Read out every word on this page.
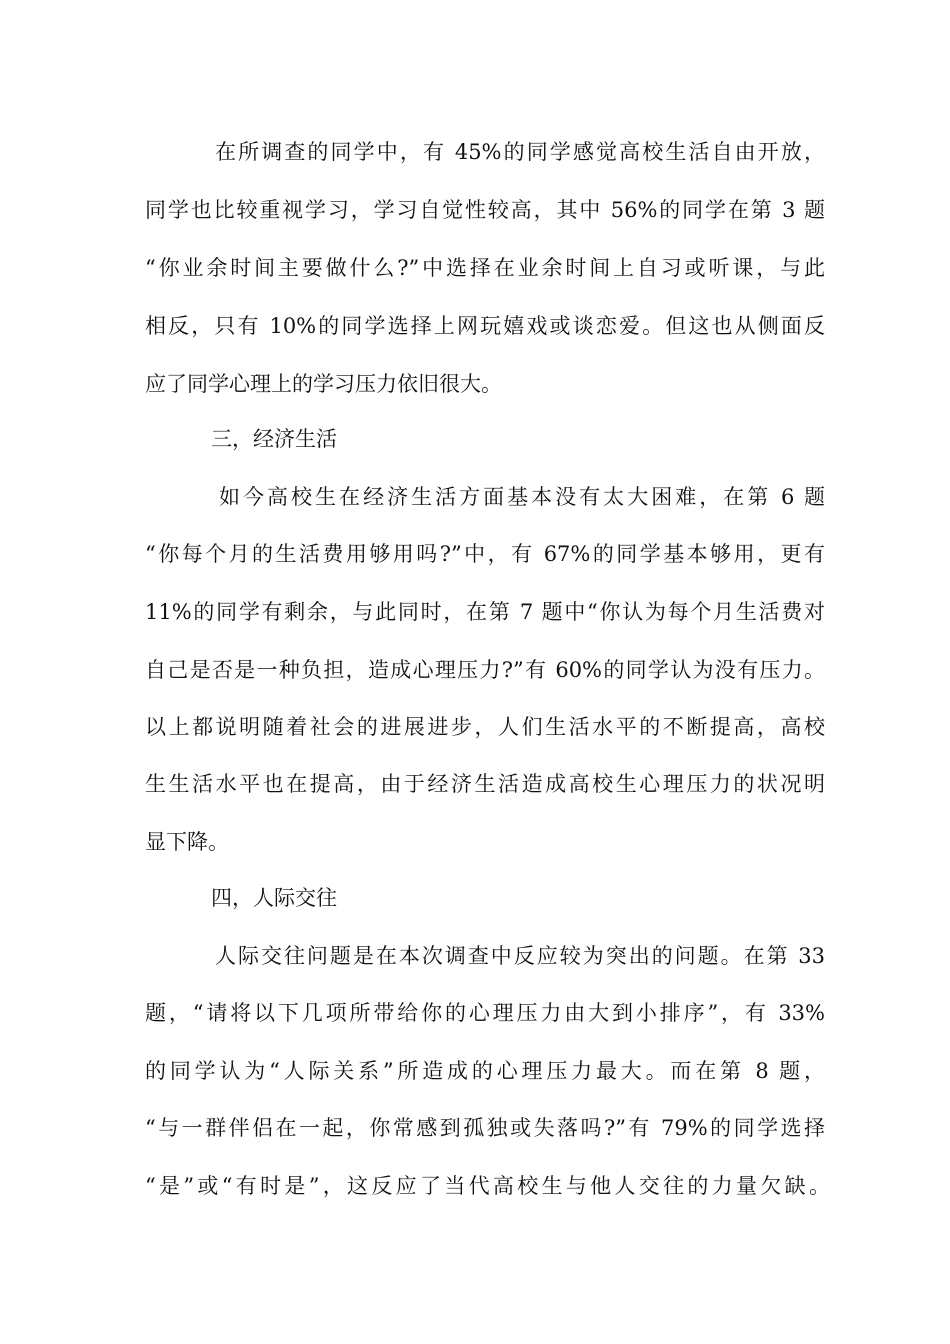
在所调查的同学中，有 45%的同学感觉高校生活自由开放，
同学也比较重视学习，学习自觉性较高，其中 56%的同学在第 3 题
“你业余时间主要做什么?”中选择在业余时间上自习或听课，与此
相反，只有 10%的同学选择上网玩嬉戏或谈恋爱。但这也从侧面反
应了同学心理上的学习压力依旧很大。
三，经济生活
如今高校生在经济生活方面基本没有太大困难，在第 6 题
“你每个月的生活费用够用吗?”中，有 67%的同学基本够用，更有
11%的同学有剩余，与此同时，在第 7 题中“你认为每个月生活费对
自己是否是一种负担，造成心理压力?”有 60%的同学认为没有压力。
以上都说明随着社会的进展进步，人们生活水平的不断提高，高校
生生活水平也在提高，由于经济生活造成高校生心理压力的状况明
显下降。
四，人际交往
人际交往问题是在本次调查中反应较为突出的问题。在第 33
题，“请将以下几项所带给你的心理压力由大到小排序”，有 33%
的同学认为“人际关系”所造成的心理压力最大。而在第 8 题，
“与一群伴侣在一起，你常感到孤独或失落吗?”有 79%的同学选择
“是”或“有时是”，这反应了当代高校生与他人交往的力量欠缺。
